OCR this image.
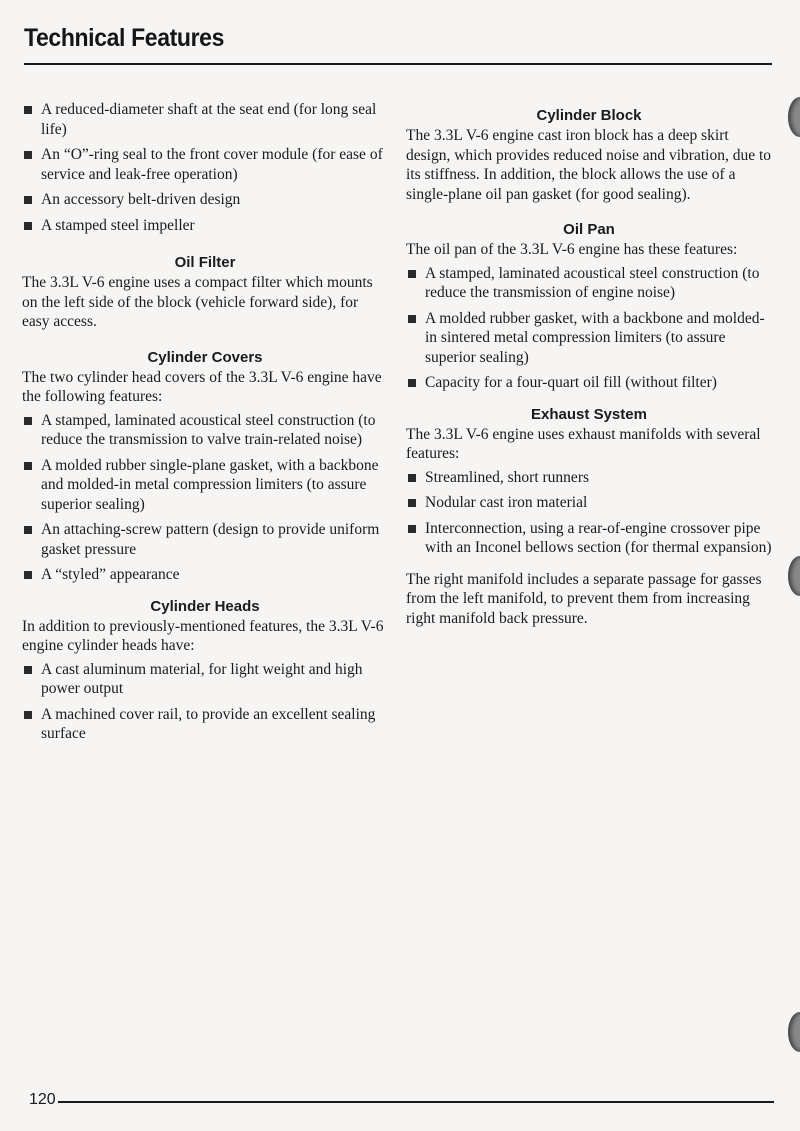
Technical Features
A reduced-diameter shaft at the seat end (for long seal life)
An “O”-ring seal to the front cover module (for ease of service and leak-free operation)
An accessory belt-driven design
A stamped steel impeller
Oil Filter

The 3.3L V-6 engine uses a compact filter which mounts on the left side of the block (vehicle forward side), for easy access.

Cylinder Covers

The two cylinder head covers of the 3.3L V-6 engine have the following features:

A stamped, laminated acoustical steel construction (to reduce the transmission to valve train-related noise)
A molded rubber single-plane gasket, with a backbone and molded-in metal compression limiters (to assure superior sealing)
An attaching-screw pattern (design to provide uniform gasket pressure
A “styled” appearance
Cylinder Heads

In addition to previously-mentioned features, the 3.3L V-6 engine cylinder heads have:

A cast aluminum material, for light weight and high power output
A machined cover rail, to provide an excellent sealing surface
Cylinder Block

The 3.3L V-6 engine cast iron block has a deep skirt design, which provides reduced noise and vibration, due to its stiffness. In addition, the block allows the use of a single-plane oil pan gasket (for good sealing).

Oil Pan

The oil pan of the 3.3L V-6 engine has these features:

A stamped, laminated acoustical steel construction (to reduce the transmission of engine noise)
A molded rubber gasket, with a backbone and molded-in sintered metal compression limiters (to assure superior sealing)
Capacity for a four-quart oil fill (without filter)
Exhaust System

The 3.3L V-6 engine uses exhaust manifolds with several features:

Streamlined, short runners
Nodular cast iron material
Interconnection, using a rear-of-engine crossover pipe with an Inconel bellows section (for thermal expansion)

The right manifold includes a separate passage for gasses from the left manifold, to prevent them from increasing right manifold back pressure.

120
